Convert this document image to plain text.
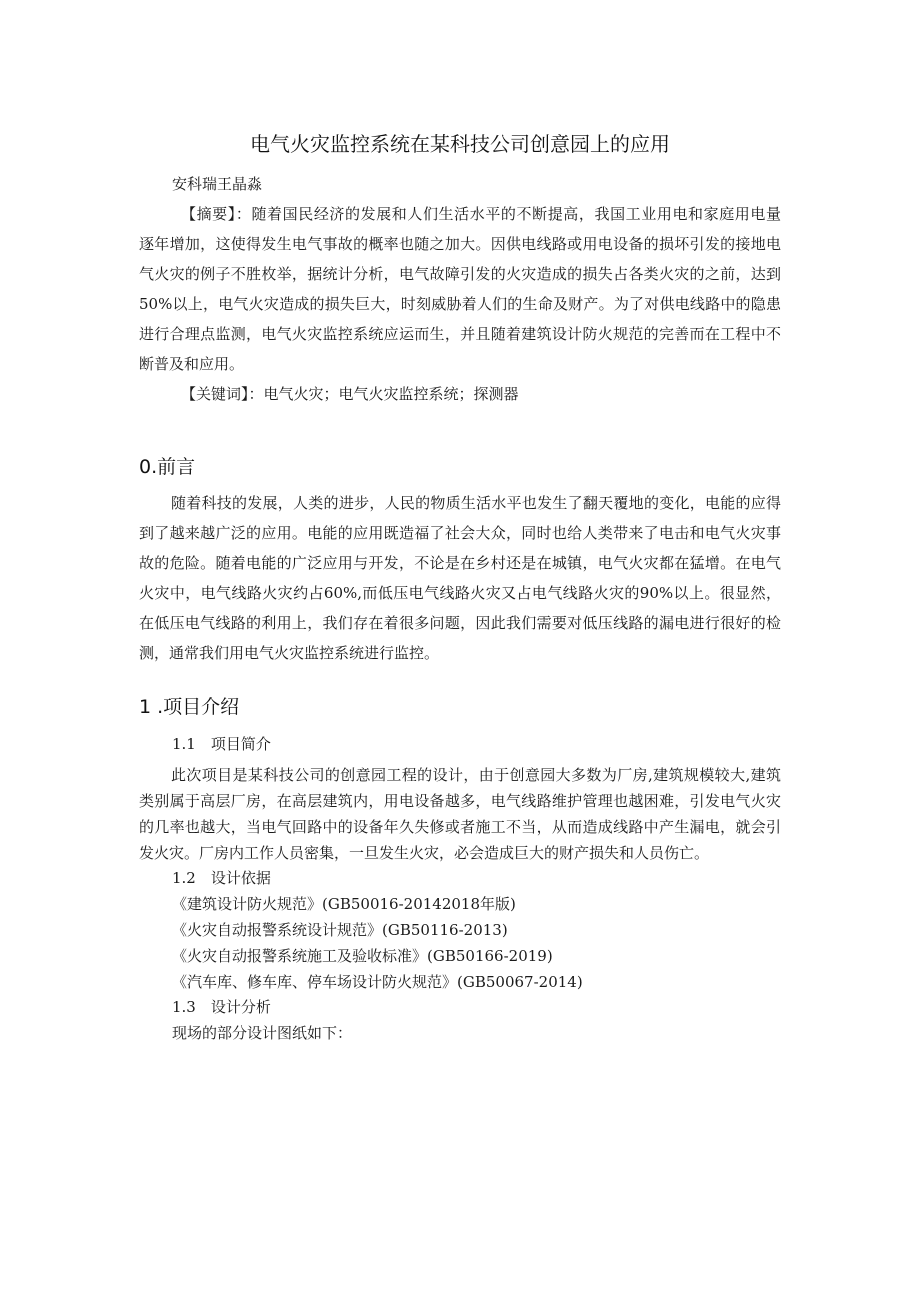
电气火灾监控系统在某科技公司创意园上的应用
安科瑞王晶淼
【摘要】：随着国民经济的发展和人们生活水平的不断提高，我国工业用电和家庭用电量
逐年增加，这使得发生电气事故的概率也随之加大。因供电线路或用电设备的损坏引发的接地电
气火灾的例子不胜枚举，据统计分析，电气故障引发的火灾造成的损失占各类火灾的之前，达到
50%以上，电气火灾造成的损失巨大，时刻威胁着人们的生命及财产。为了对供电线路中的隐患
进行合理点监测，电气火灾监控系统应运而生，并且随着建筑设计防火规范的完善而在工程中不
断普及和应用。
【关键词】：电气火灾；电气火灾监控系统；探测器
0.前言
随着科技的发展，人类的进步，人民的物质生活水平也发生了翻天覆地的变化，电能的应得
到了越来越广泛的应用。电能的应用既造福了社会大众，同时也给人类带来了电击和电气火灾事
故的危险。随着电能的广泛应用与开发，不论是在乡村还是在城镇，电气火灾都在猛增。在电气
火灾中，电气线路火灾约占60%,而低压电气线路火灾又占电气线路火灾的90%以上。很显然，
在低压电气线路的利用上，我们存在着很多问题，因此我们需要对低压线路的漏电进行很好的检
测，通常我们用电气火灾监控系统进行监控。
1 .项目介绍
1.1　项目简介
此次项目是某科技公司的创意园工程的设计，由于创意园大多数为厂房,建筑规模较大,建筑
类别属于高层厂房，在高层建筑内，用电设备越多，电气线路维护管理也越困难，引发电气火灾
的几率也越大，当电气回路中的设备年久失修或者施工不当，从而造成线路中产生漏电，就会引
发火灾。厂房内工作人员密集，一旦发生火灾，必会造成巨大的财产损失和人员伤亡。
1.2　设计依据
《建筑设计防火规范》(GB50016-20142018年版)
《火灾自动报警系统设计规范》(GB50116-2013)
《火灾自动报警系统施工及验收标准》(GB50166-2019)
《汽车库、修车库、停车场设计防火规范》(GB50067-2014)
1.3　设计分析
现场的部分设计图纸如下：
